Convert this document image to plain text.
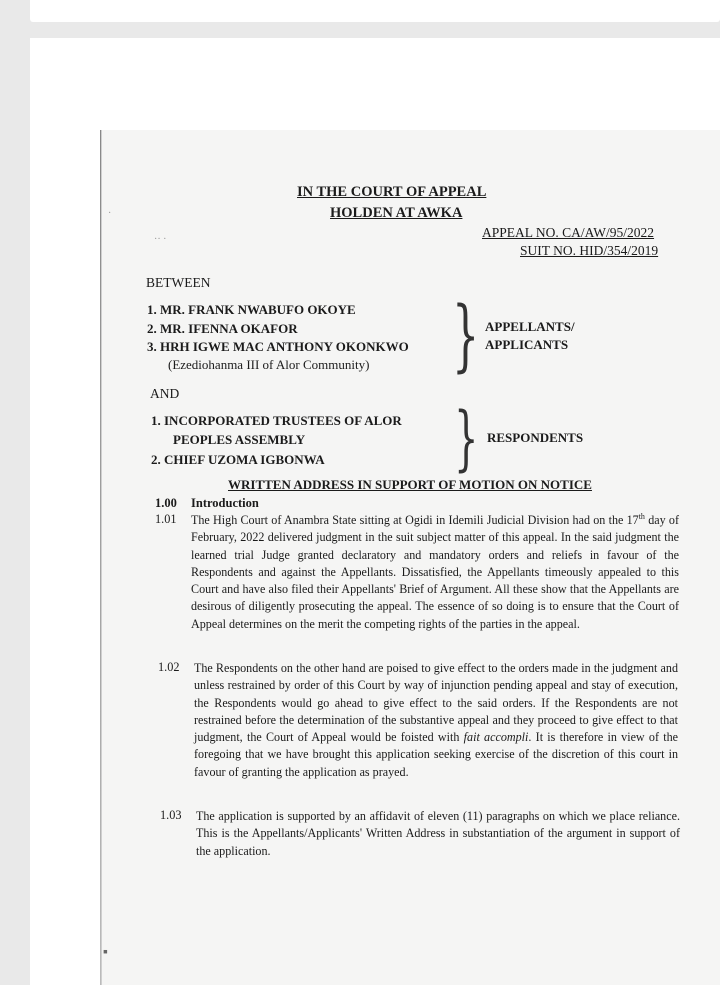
·· ·
·
IN THE COURT OF APPEAL
HOLDEN AT AWKA
APPEAL NO. CA/AW/95/2022
SUIT NO. HID/354/2019
BETWEEN
1. MR. FRANK NWABUFO OKOYE
2. MR. IFENNA OKAFOR
3. HRH IGWE MAC ANTHONY OKONKWO
(Ezediohanma III of Alor Community) } APPELLANTS/
APPLICANTS
AND
1. INCORPORATED TRUSTEES OF ALOR
PEOPLES ASSEMBLY
2. CHIEF UZOMA IGBONWA } RESPONDENTS
WRITTEN ADDRESS IN SUPPORT OF MOTION ON NOTICE
1.00 Introduction
1.01 The High Court of Anambra State sitting at Ogidi in Idemili Judicial Division had on the 17th day of February, 2022 delivered judgment in the suit subject matter of this appeal. In the said judgment the learned trial Judge granted declaratory and mandatory orders and reliefs in favour of the Respondents and against the Appellants. Dissatisfied, the Appellants timeously appealed to this Court and have also filed their Appellants' Brief of Argument. All these show that the Appellants are desirous of diligently prosecuting the appeal. The essence of so doing is to ensure that the Court of Appeal determines on the merit the competing rights of the parties in the appeal.
1.02 The Respondents on the other hand are poised to give effect to the orders made in the judgment and unless restrained by order of this Court by way of injunction pending appeal and stay of execution, the Respondents would go ahead to give effect to the said orders. If the Respondents are not restrained before the determination of the substantive appeal and they proceed to give effect to that judgment, the Court of Appeal would be foisted with fait accompli. It is therefore in view of the foregoing that we have brought this application seeking exercise of the discretion of this court in favour of granting the application as prayed.
1.03 The application is supported by an affidavit of eleven (11) paragraphs on which we place reliance. This is the Appellants/Applicants' Written Address in substantiation of the argument in support of the application.
▪
